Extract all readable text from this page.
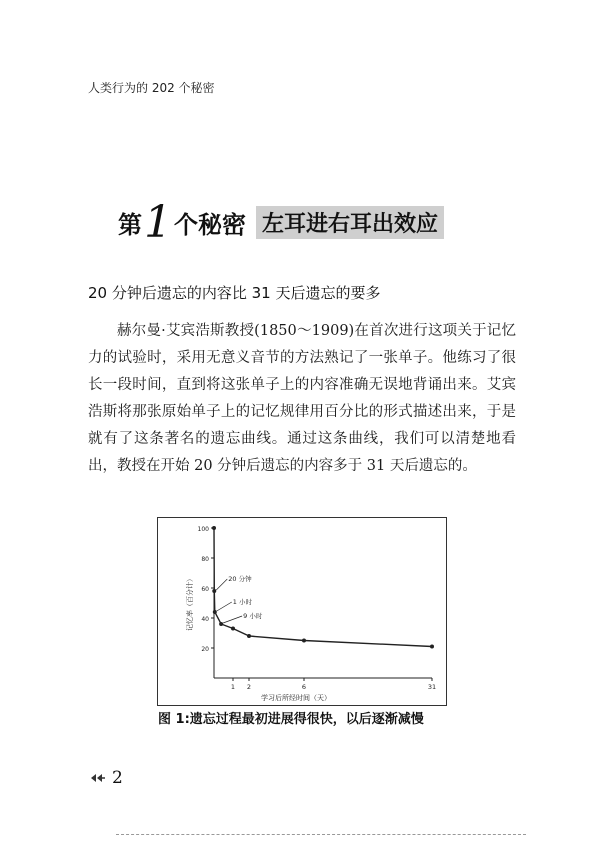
人类行为的 202 个秘密
第 1 个秘密 左耳进右耳出效应
20 分钟后遗忘的内容比 31 天后遗忘的要多

赫尔曼·艾宾浩斯教授(1850～1909)在首次进行这项关于记忆力的试验时，采用无意义音节的方法熟记了一张单子。他练习了很长一段时间，直到将这张单子上的内容准确无误地背诵出来。艾宾浩斯将那张原始单子上的记忆规律用百分比的形式描述出来，于是就有了这条著名的遗忘曲线。通过这条曲线，我们可以清楚地看出，教授在开始 20 分钟后遗忘的内容多于 31 天后遗忘的。

20
40
60
80
100
1 2	6	31
记忆率（百分计）
学习后所经时间（天）
20 分钟
1 小时
9 小时
图 1:遗忘过程最初进展得很快，以后逐渐减慢
2
